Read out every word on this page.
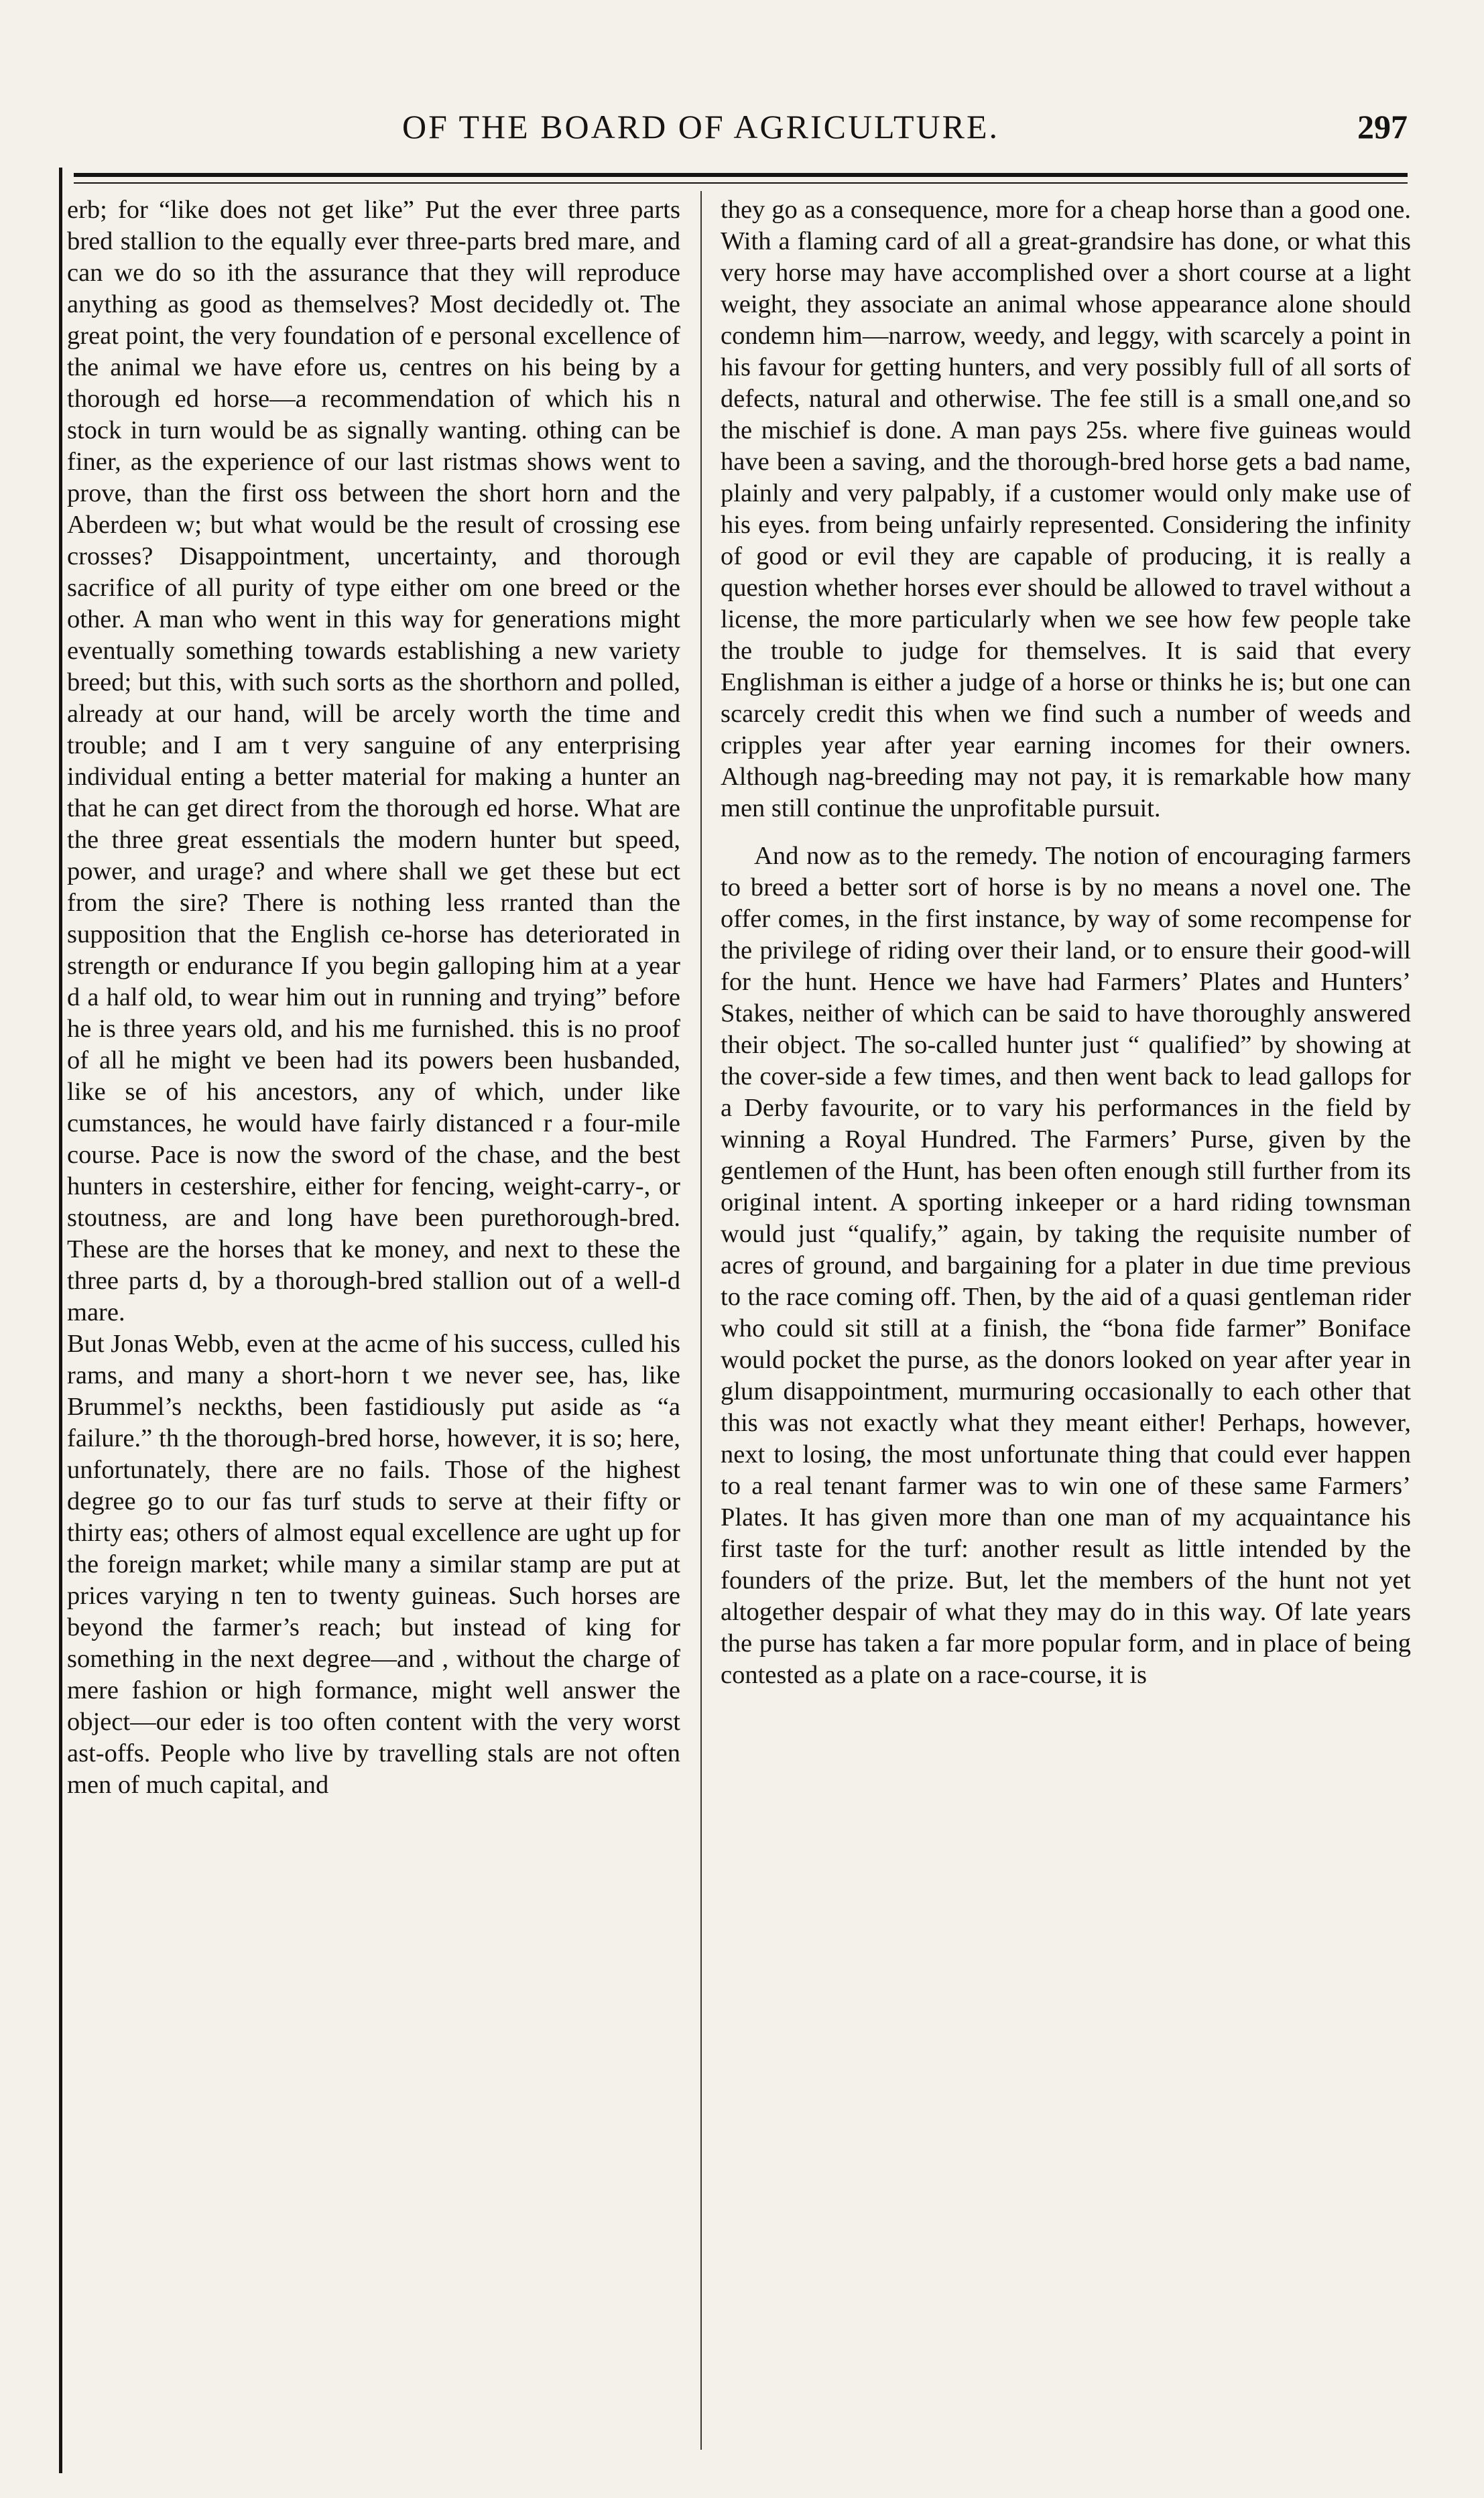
OF THE BOARD OF AGRICULTURE.	297

erb; for “like does not get like” Put the ever three parts bred stallion to the equally ever three-parts bred mare, and can we do so ith the assurance that they will reproduce anything as good as themselves? Most decidedly ot. The great point, the very foundation of e personal excellence of the animal we have efore us, centres on his being by a thorough ed horse—a recommendation of which his n stock in turn would be as signally wanting. othing can be finer, as the experience of our last ristmas shows went to prove, than the first oss between the short horn and the Aberdeen w; but what would be the result of crossing ese crosses? Disappointment, uncertainty, and thorough sacrifice of all purity of type either om one breed or the other. A man who went in this way for generations might eventually something towards establishing a new variety breed; but this, with such sorts as the shorthorn and polled, already at our hand, will be arcely worth the time and trouble; and I am t very sanguine of any enterprising individual enting a better material for making a hunter an that he can get direct from the thorough ed horse. What are the three great essentials the modern hunter but speed, power, and urage? and where shall we get these but ect from the sire? There is nothing less rranted than the supposition that the English ce-horse has deteriorated in strength or endurance If you begin galloping him at a year d a half old, to wear him out in running and trying” before he is three years old, and his me furnished. this is no proof of all he might ve been had its powers been husbanded, like se of his ancestors, any of which, under like cumstances, he would have fairly distanced r a four-mile course. Pace is now the sword of the chase, and the best hunters in cestershire, either for fencing, weight-carry-, or stoutness, are and long have been purethorough-bred. These are the horses that ke money, and next to these the three parts d, by a thorough-bred stallion out of a well-d mare.

But Jonas Webb, even at the acme of his success, culled his rams, and many a short-horn t we never see, has, like Brummel’s neckths, been fastidiously put aside as “a failure.” th the thorough-bred horse, however, it is so; here, unfortunately, there are no fails. Those of the highest degree go to our fas turf studs to serve at their fifty or thirty eas; others of almost equal excellence are ught up for the foreign market; while many a similar stamp are put at prices varying n ten to twenty guineas. Such horses are beyond the farmer’s reach; but instead of king for something in the next degree—and , without the charge of mere fashion or high formance, might well answer the object—our eder is too often content with the very worst ast-offs. People who live by travelling stals are not often men of much capital, and

they go as a consequence, more for a cheap horse than a good one. With a flaming card of all a great-grandsire has done, or what this very horse may have accomplished over a short course at a light weight, they associate an animal whose appearance alone should condemn him—narrow, weedy, and leggy, with scarcely a point in his favour for getting hunters, and very possibly full of all sorts of defects, natural and otherwise. The fee still is a small one,and so the mischief is done. A man pays 25s. where five guineas would have been a saving, and the thorough-bred horse gets a bad name, plainly and very palpably, if a customer would only make use of his eyes. from being unfairly represented. Considering the infinity of good or evil they are capable of producing, it is really a question whether horses ever should be allowed to travel without a license, the more particularly when we see how few people take the trouble to judge for themselves. It is said that every Englishman is either a judge of a horse or thinks he is; but one can scarcely credit this when we find such a number of weeds and cripples year after year earning incomes for their owners. Although nag-breeding may not pay, it is remarkable how many men still continue the unprofitable pursuit.

And now as to the remedy. The notion of encouraging farmers to breed a better sort of horse is by no means a novel one. The offer comes, in the first instance, by way of some recompense for the privilege of riding over their land, or to ensure their good-will for the hunt. Hence we have had Farmers’ Plates and Hunters’ Stakes, neither of which can be said to have thoroughly answered their object. The so-called hunter just “ qualified” by showing at the cover-side a few times, and then went back to lead gallops for a Derby favourite, or to vary his performances in the field by winning a Royal Hundred. The Farmers’ Purse, given by the gentlemen of the Hunt, has been often enough still further from its original intent. A sporting inkeeper or a hard riding townsman would just “qualify,” again, by taking the requisite number of acres of ground, and bargaining for a plater in due time previous to the race coming off. Then, by the aid of a quasi gentleman rider who could sit still at a finish, the “bona fide farmer” Boniface would pocket the purse, as the donors looked on year after year in glum disappointment, murmuring occasionally to each other that this was not exactly what they meant either! Perhaps, however, next to losing, the most unfortunate thing that could ever happen to a real tenant farmer was to win one of these same Farmers’ Plates. It has given more than one man of my acquaintance his first taste for the turf: another result as little intended by the founders of the prize. But, let the members of the hunt not yet altogether despair of what they may do in this way. Of late years the purse has taken a far more popular form, and in place of being contested as a plate on a race-course, it is
